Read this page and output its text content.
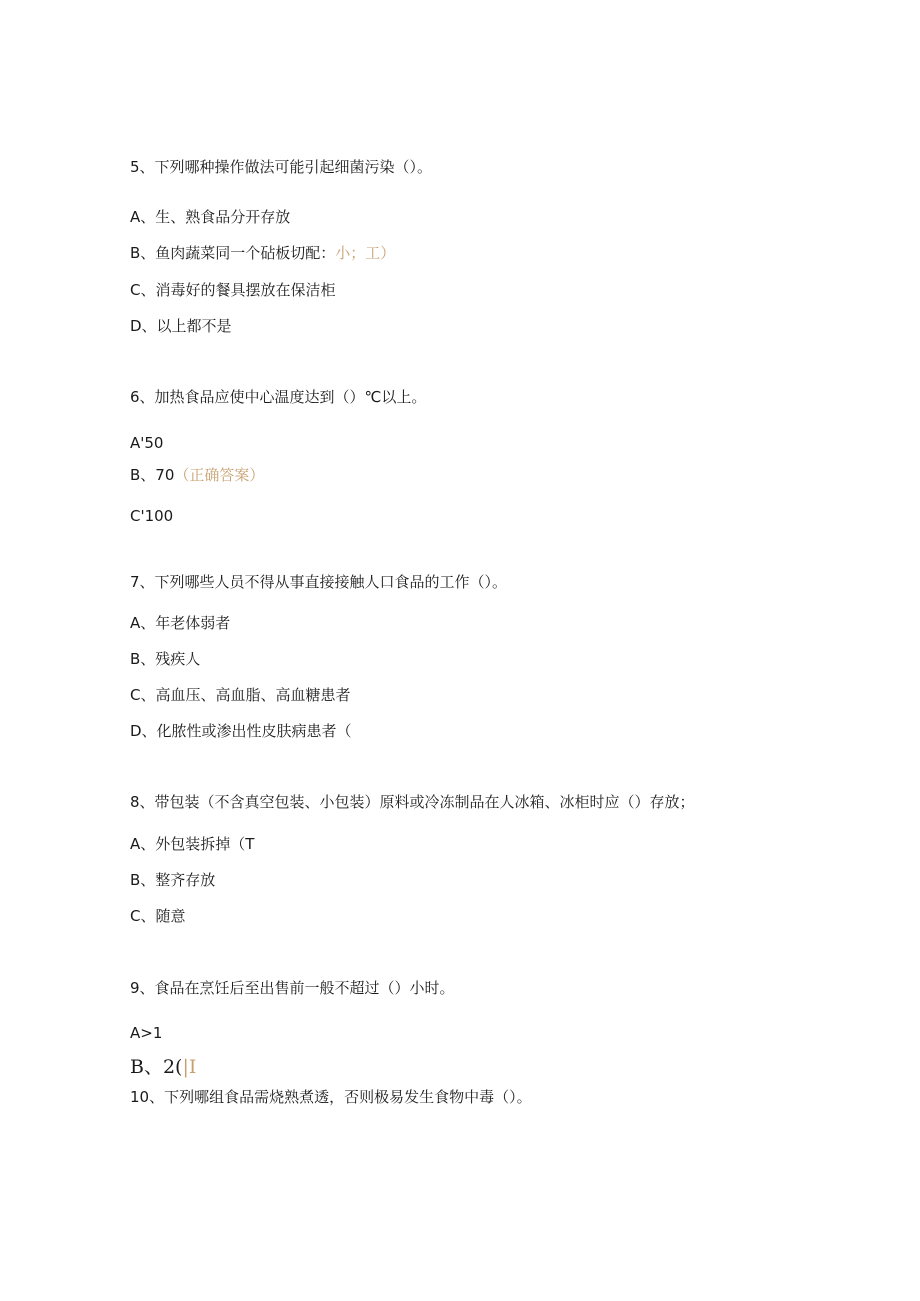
5、下列哪种操作做法可能引起细菌污染（）。
A、生、熟食品分开存放
B、鱼肉蔬菜同一个砧板切配：小；工）
C、消毒好的餐具摆放在保洁柜
D、以上都不是
6、加热食品应使中心温度达到（）℃以上。
A'50
B、70（正确答案）
C'100
7、下列哪些人员不得从事直接接触人口食品的工作（）。
A、年老体弱者
B、残疾人
C、高血压、高血脂、高血糖患者
D、化脓性或渗出性皮肤病患者（
8、带包装（不含真空包装、小包装）原料或冷冻制品在人冰箱、冰柜时应（）存放；
A、外包装拆掉（T
B、整齐存放
C、随意
9、食品在烹饪后至出售前一般不超过（）小时。
A>1
B、2(|I
10、下列哪组食品需烧熟煮透，否则极易发生食物中毒（）。
